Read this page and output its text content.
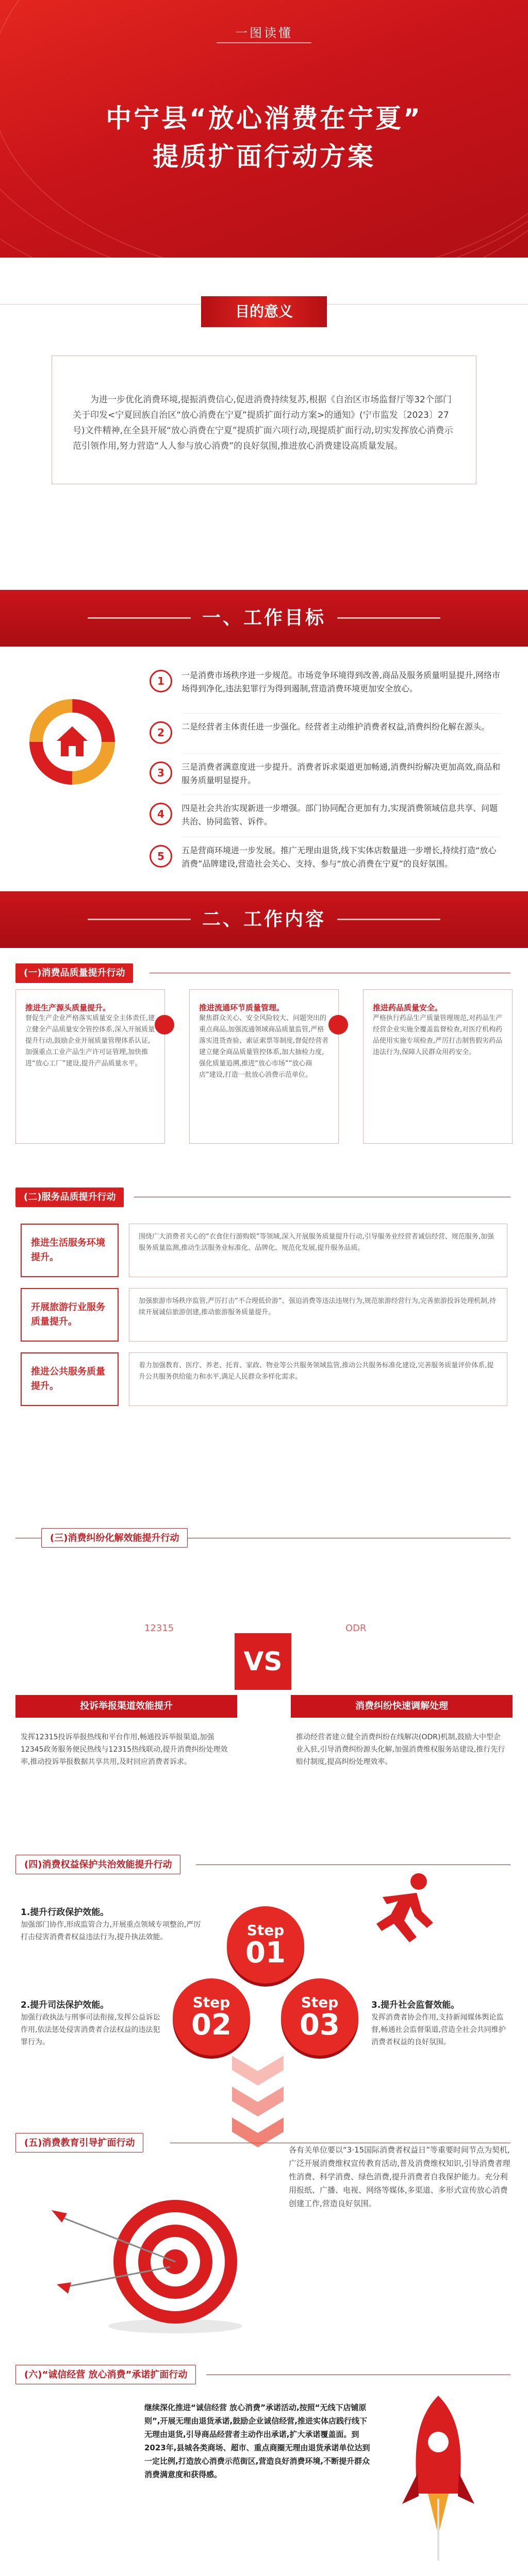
一图读懂
中宁县“放心消费在宁夏”
提质扩面行动方案
目的意义
为进一步优化消费环境,提振消费信心,促进消费持续复苏,根据《自治区市场监督厅等32个部门关于印发<宁夏回族自治区“放心消费在宁夏”提质扩面行动方案>的通知》(宁市监发〔2023〕27号)文件精神,在全县开展“放心消费在宁夏”提质扩面六项行动,现提质扩面行动,切实发挥放心消费示范引领作用,努力营造“人人参与放心消费”的良好氛围,推进放心消费建设高质量发展。
一、工作目标
1	一是消费市场秩序进一步规范。市场竞争环境得到改善,商品及服务质量明显提升,网络市场得到净化,违法犯罪行为得到遏制,营造消费环境更加安全放心。
2	二是经营者主体责任进一步强化。经营者主动维护消费者权益,消费纠纷化解在源头。
3	三是消费者满意度进一步提升。消费者诉求渠道更加畅通,消费纠纷解决更加高效,商品和服务质量明显提升。
4	四是社会共治实现新进一步增强。部门协同配合更加有力,实现消费领域信息共享、问题共治、协同监管、诉件。
5	五是营商环境进一步发展。推广无理由退货,线下实体店数量进一步增长,持续打造“放心消费”品牌建设,营造社会关心、支持、参与“放心消费在宁夏”的良好氛围。
二、工作内容
(一)消费品质量提升行动
推进生产源头质量提升。

督促生产企业严格落实质量安全主体责任,建立健全产品质量安全管控体系,深入开展质量提升行动,鼓励企业开展质量管理体系认证,加强重点工业产品生产许可证管理,加快推进“放心工厂”建设,提升产品质量水平。

推进流通环节质量管理。

聚焦群众关心、安全风险较大、问题突出的重点商品,加强流通领域商品质量监管,严格落实进货查验、索证索票等制度,督促经营者建立健全商品质量管控体系,加大抽检力度,强化质量追溯,推进“放心市场”“放心商店”建设,打造一批放心消费示范单位。

推进药品质量安全。

严格执行药品生产质量管理规范,对药品生产经营企业实施全覆盖监督检查,对医疗机构药品使用实施专项检查,严厉打击制售假劣药品违法行为,保障人民群众用药安全。

(二)服务品质提升行动
推进生活服务环境提升。
围绕广大消费者关心的“衣食住行游购娱”等领域,深入开展服务质量提升行动,引导服务业经营者诚信经营、规范服务,加强服务质量监测,推动生活服务业标准化、品牌化、规范化发展,提升服务品质。
开展旅游行业服务质量提升。
加强旅游市场秩序监管,严厉打击“不合理低价游”、强迫消费等违法违规行为,规范旅游经营行为,完善旅游投诉处理机制,持续开展诚信旅游创建,推动旅游服务质量提升。
推进公共服务质量提升。
着力加强教育、医疗、养老、托育、家政、物业等公共服务领域监管,推动公共服务标准化建设,完善服务质量评价体系,提升公共服务供给能力和水平,满足人民群众多样化需求。
(三)消费纠纷化解效能提升行动
12315	ODR
VS
投诉举报渠道效能提升	消费纠纷快速调解处理
发挥12315投诉举报热线和平台作用,畅通投诉举报渠道,加强12345政务服务便民热线与12315热线联动,提升消费纠纷处理效率,推动投诉举报数据共享共用,及时回应消费者诉求。
推动经营者建立健全消费纠纷在线解决(ODR)机制,鼓励大中型企业入驻,引导消费纠纷源头化解,加强消费维权服务站建设,推行先行赔付制度,提高纠纷处理效率。
(四)消费权益保护共治效能提升行动
Step
01
Step
02
Step
03
1.提升行政保护效能。
加强部门协作,形成监管合力,开展重点领域专项整治,严厉打击侵害消费者权益违法行为,提升执法效能。
2.提升司法保护效能。
加强行政执法与刑事司法衔接,发挥公益诉讼作用,依法惩处侵害消费者合法权益的违法犯罪行为。
3.提升社会监督效能。
发挥消费者协会作用,支持新闻媒体舆论监督,畅通社会监督渠道,营造全社会共同维护消费者权益的良好氛围。
(五)消费教育引导扩面行动
各有关单位要以“3·15国际消费者权益日”等重要时间节点为契机,广泛开展消费维权宣传教育活动,普及消费维权知识,引导消费者理性消费、科学消费、绿色消费,提升消费者自我保护能力。充分利用报纸、广播、电视、网络等媒体,多渠道、多形式宣传放心消费创建工作,营造良好氛围。
(六)“诚信经营 放心消费”承诺扩面行动
继续深化推进“诚信经营 放心消费”承诺活动,按照“无线下店铺原则”,开展无理由退货承诺,鼓励企业诚信经营,推进实体店践行线下无理由退货,引导商品经营者主动作出承诺,扩大承诺覆盖面。到2023年,县城各类商场、超市、重点商圈无理由退货承诺单位达到一定比例,打造放心消费示范街区,营造良好消费环境,不断提升群众消费满意度和获得感。
